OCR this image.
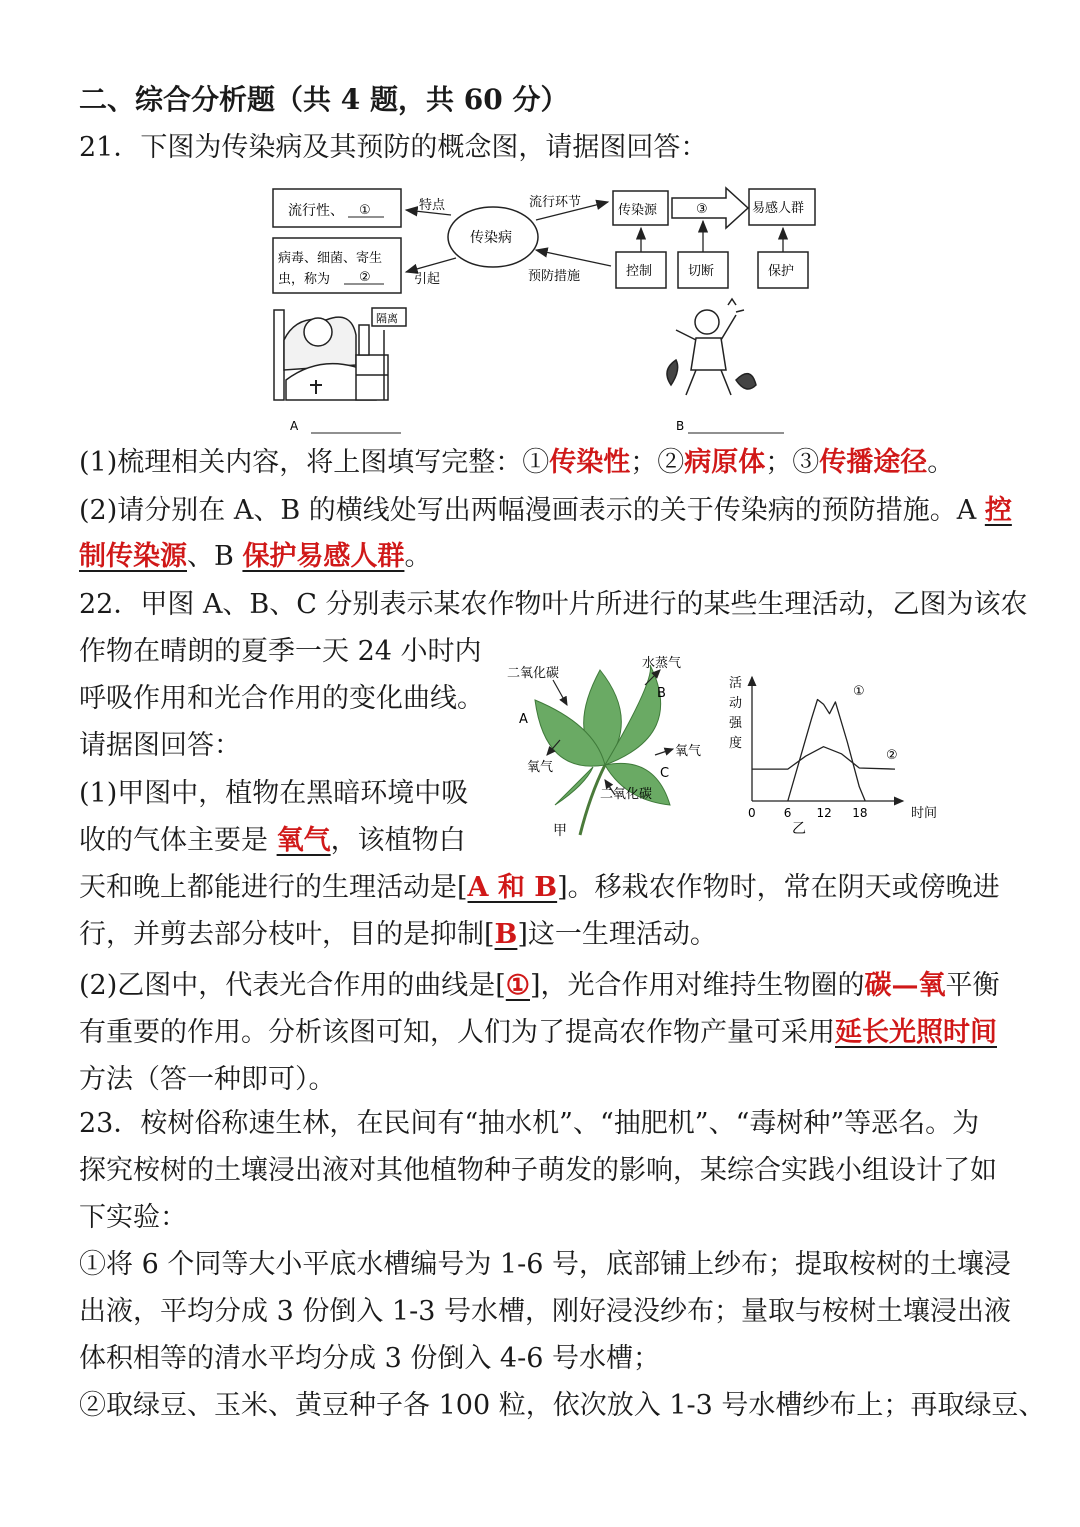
二、综合分析题（共 4 题，共 60 分）
21．下图为传染病及其预防的概念图，请据图回答：
流行性、 ①
病毒、细菌、寄生
虫，称为 ②
传染病
特点
引起
流行环节
预防措施
传染源	③	易感人群
控制	切断	保护
隔离
A	B
(1)梳理相关内容，将上图填写完整：①传染性；②病原体；③传播途径。
(2)请分别在 A、B 的横线处写出两幅漫画表示的关于传染病的预防措施。A 控
制传染源、B 保护易感人群。
22．甲图 A、B、C 分别表示某农作物叶片所进行的某些生理活动，乙图为该农
作物在晴朗的夏季一天 24 小时内
呼吸作用和光合作用的变化曲线。
请据图回答：
(1)甲图中，植物在黑暗环境中吸
收的气体主要是 氧气，该植物白
天和晚上都能进行的生理活动是[A 和 B]。移栽农作物时，常在阴天或傍晚进
行，并剪去部分枝叶，目的是抑制[B]这一生理活动。
(2)乙图中，代表光合作用的曲线是[①]，光合作用对维持生物圈的碳—氧平衡
有重要的作用。分析该图可知，人们为了提高农作物产量可采用延长光照时间
方法（答一种即可）。
二氧化碳
水蒸气
A
B
氧气
氧气
C
二氧化碳
甲
活
动
强
度
0 6 12 18
①
②
时间
乙
23．桉树俗称速生林，在民间有“抽水机”、“抽肥机”、“毒树种”等恶名。为
探究桉树的土壤浸出液对其他植物种子萌发的影响，某综合实践小组设计了如
下实验：
①将 6 个同等大小平底水槽编号为 1-6 号，底部铺上纱布；提取桉树的土壤浸
出液，平均分成 3 份倒入 1-3 号水槽，刚好浸没纱布；量取与桉树土壤浸出液
体积相等的清水平均分成 3 份倒入 4-6 号水槽；
②取绿豆、玉米、黄豆种子各 100 粒，依次放入 1-3 号水槽纱布上；再取绿豆、
